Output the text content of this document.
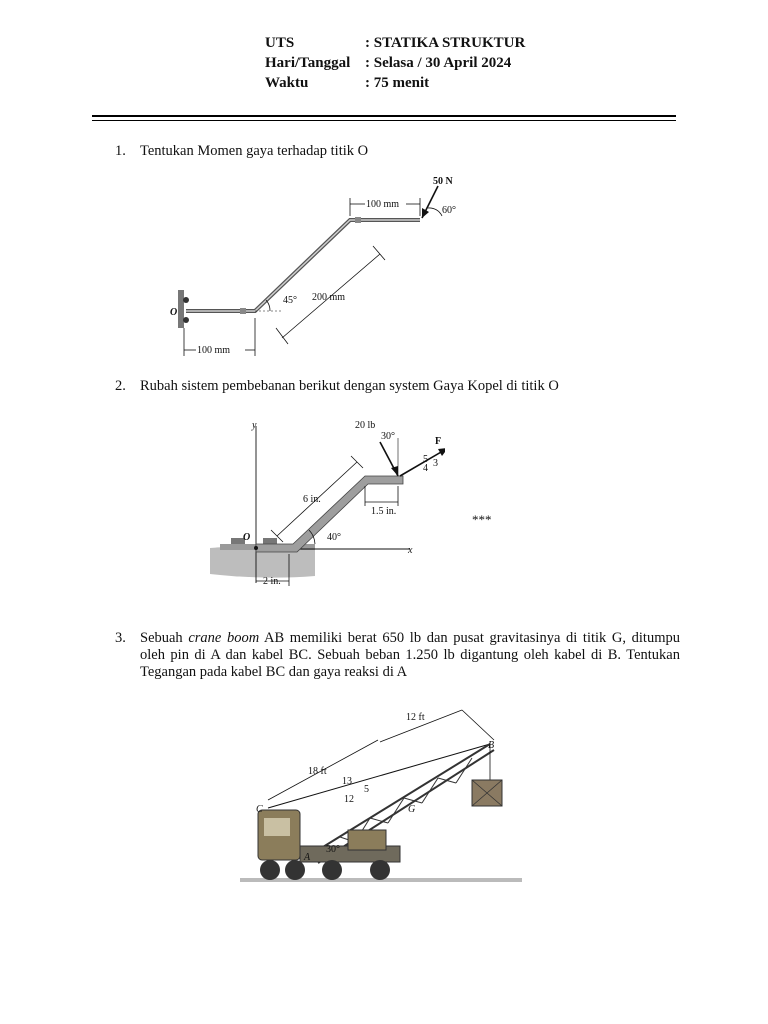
UTS	: STATIKA STRUKTUR
Hari/Tanggal : Selasa / 30 April 2024
Waktu	: 75 menit
1. Tentukan Momen gaya terhadap titik O
50 N
60°
100 mm
200 mm
45°
O
100 mm
2. Rubah sistem pembebanan berikut dengan system Gaya Kopel di titik O
y
x
O
20 lb
30°	F
5 3
4
6 in.
1.5 in.
40°
2 in.
***
3. Sebuah crane boom AB memiliki berat 650 lb dan pusat gravitasinya di titik G, ditumpu oleh pin di A dan kabel BC. Sebuah beban 1.250 lb digantung oleh kabel di B. Tentukan Tegangan pada kabel BC dan gaya reaksi di A
12 ft
18 ft
13
5
12
B
C	G
A
30°
